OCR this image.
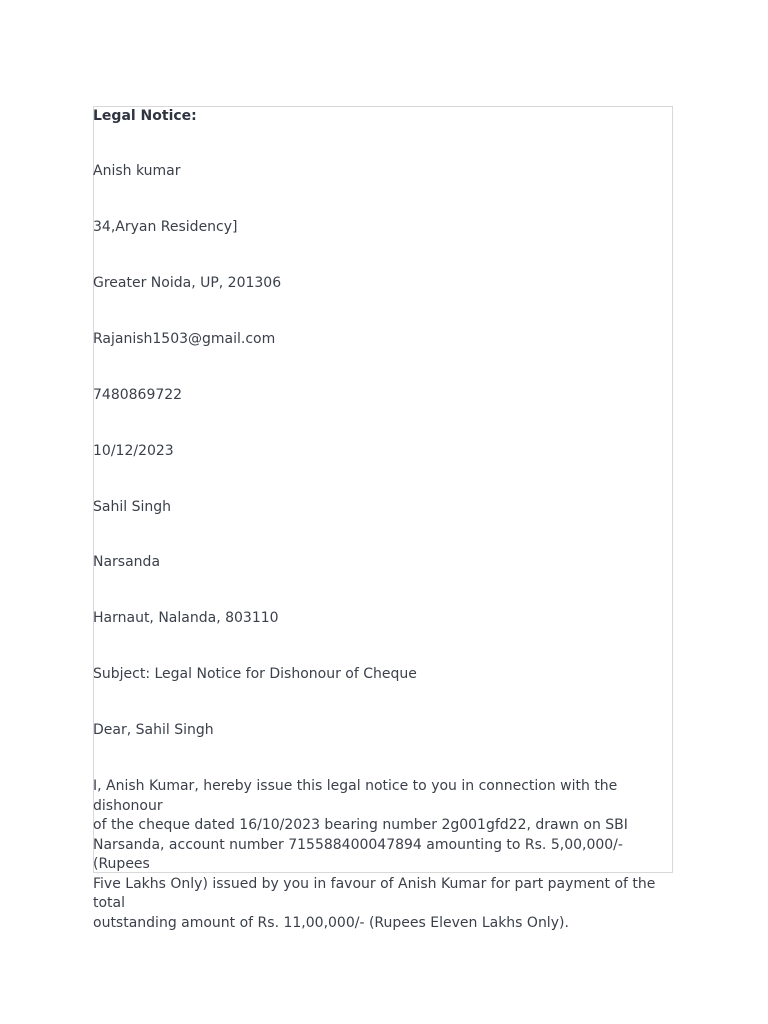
Legal Notice:
Anish kumar
34,Aryan Residency]
Greater Noida, UP, 201306
Rajanish1503@gmail.com
7480869722
10/12/2023
Sahil Singh
Narsanda
Harnaut, Nalanda, 803110
Subject: Legal Notice for Dishonour of Cheque
Dear, Sahil Singh
I, Anish Kumar, hereby issue this legal notice to you in connection with the dishonour
of the cheque dated 16/10/2023 bearing number 2g001gfd22, drawn on SBI
Narsanda, account number 715588400047894 amounting to Rs. 5,00,000/- (Rupees
Five Lakhs Only) issued by you in favour of Anish Kumar for part payment of the total
outstanding amount of Rs. 11,00,000/- (Rupees Eleven Lakhs Only).
